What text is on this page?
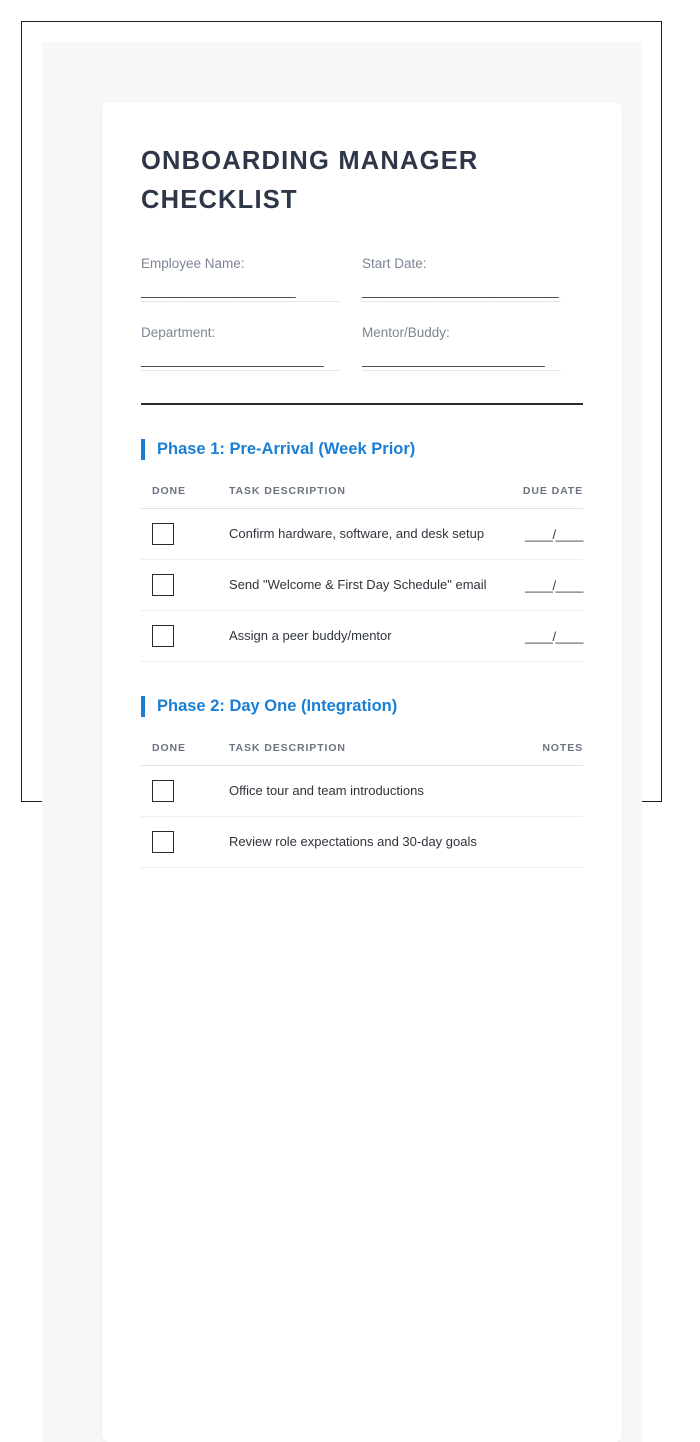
ONBOARDING MANAGER CHECKLIST
Employee Name:
______________________
Start Date:
____________________________
Department:
__________________________
Mentor/Buddy:
__________________________
Phase 1: Pre-Arrival (Week Prior)
DONE	TASK DESCRIPTION	DUE DATE

	Confirm hardware, software, and desk setup	____/____

	Send "Welcome & First Day Schedule" email	____/____

	Assign a peer buddy/mentor	____/____
Phase 2: Day One (Integration)
DONE	TASK DESCRIPTION	NOTES

	Office tour and team introductions	

	Review role expectations and 30-day goals	
